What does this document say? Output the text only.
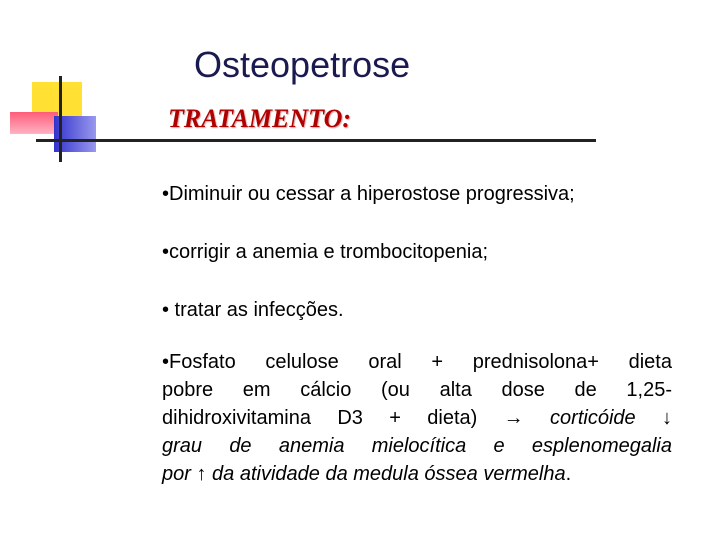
Osteopetrose
TRATAMENTO:
•Diminuir ou cessar a hiperostose progressiva;
•corrigir a anemia e trombocitopenia;
• tratar as infecções.
•Fosfato celulose oral + prednisolona+ dieta
pobre em cálcio (ou alta dose de 1,25-
dihidroxivitamina D3 + dieta) → corticóide ↓
grau de anemia mielocítica e esplenomegalia
por ↑ da atividade da medula óssea vermelha.
